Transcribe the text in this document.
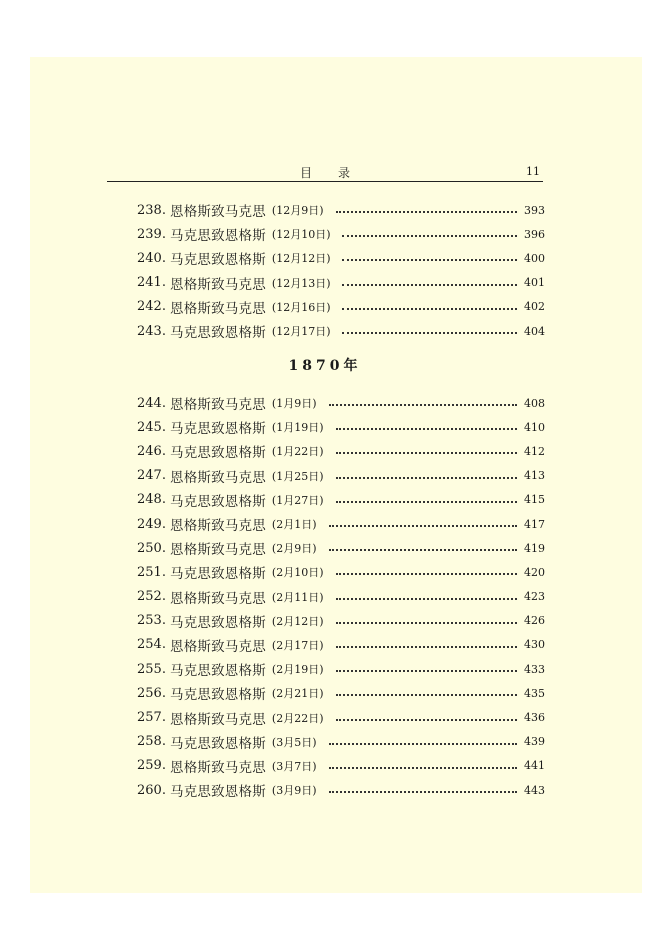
目录	11
238. 恩格斯致马克思 (12月9日)	393
239. 马克思致恩格斯 (12月10日)	396
240. 马克思致恩格斯 (12月12日)	400
241. 恩格斯致马克思 (12月13日)	401
242. 恩格斯致马克思 (12月16日)	402
243. 马克思致恩格斯 (12月17日)	404
1870年
244. 恩格斯致马克思 (1月9日)	408
245. 马克思致恩格斯 (1月19日)	410
246. 马克思致恩格斯 (1月22日)	412
247. 恩格斯致马克思 (1月25日)	413
248. 马克思致恩格斯 (1月27日)	415
249. 恩格斯致马克思 (2月1日)	417
250. 恩格斯致马克思 (2月9日)	419
251. 马克思致恩格斯 (2月10日)	420
252. 恩格斯致马克思 (2月11日)	423
253. 马克思致恩格斯 (2月12日)	426
254. 恩格斯致马克思 (2月17日)	430
255. 马克思致恩格斯 (2月19日)	433
256. 马克思致恩格斯 (2月21日)	435
257. 恩格斯致马克思 (2月22日)	436
258. 马克思致恩格斯 (3月5日)	439
259. 恩格斯致马克思 (3月7日)	441
260. 马克思致恩格斯 (3月9日)	443
